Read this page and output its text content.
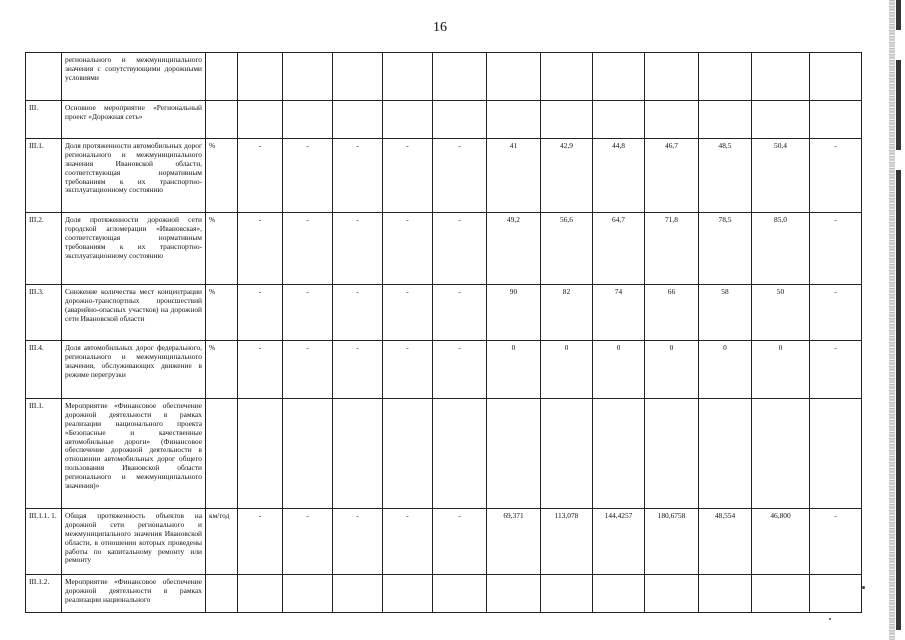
16
	регионального и межмуниципального значения с сопутствующими дорожными условиями													
III.	Основное мероприятие «Региональный проект «Дорожная сеть»													
III.1.	Доля протяженности автомобильных дорог регионального и межмуниципального значения Ивановской области, соответствующая нормативным требованиям к их транспортно-эксплуатационному состоянию	%	-	-	-	-	-	41	42,9	44,8	46,7	48,5	50,4	-
III.2.	Доля протяженности дорожной сети городской агломерации «Ивановская», соответствующая нормативным требованиям к их транспортно-эксплуатационному состоянию	%	-	-	-	-	-	49,2	56,6	64,7	71,8	78,5	85,0	-
III.3.	Снижение количества мест концентрации дорожно-транспортных происшествий (аварийно-опасных участков) на дорожной сети Ивановской области	%	-	-	-	-	-	90	82	74	66	58	50	-
III.4.	Доля автомобильных дорог федерального, регионального и межмуниципального значения, обслуживающих движение в режиме перегрузки	%	-	-	-	-	-	0	0	0	0	0	0	-
III.1.	Мероприятие «Финансовое обеспечение дорожной деятельности в рамках реализации национального проекта «Безопасные и качественные автомобильные дороги» (Финансовое обеспечение дорожной деятельности в отношении автомобильных дорог общего пользования Ивановской области регионального и межмуниципального значения)»													
III.1.1. 1.	Общая протяженность объектов на дорожной сети регионального и межмуниципального значения Ивановской области, в отношении которых проведены работы по капитальному ремонту или ремонту	км/год	-	-	-	-	-	69,371	113,078	144,4257	180,6758	48,554	46,800	-
III.1.2.	Мероприятие «Финансовое обеспечение дорожной деятельности в рамках реализации национального													
